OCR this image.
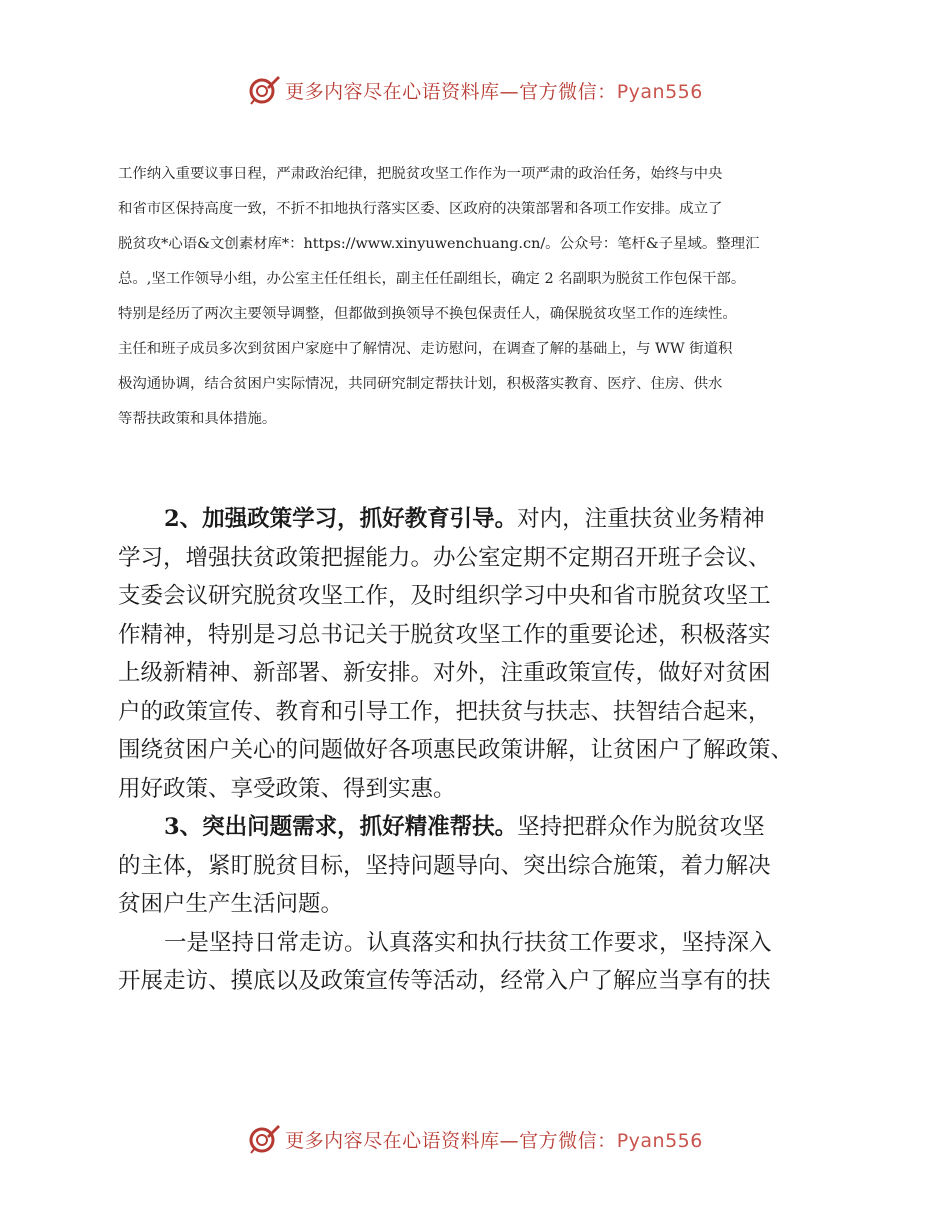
更多内容尽在心语资料库—官方微信：Pyan556
工作纳入重要议事日程，严肃政治纪律，把脱贫攻坚工作作为一项严肃的政治任务，始终与中央
和省市区保持高度一致，不折不扣地执行落实区委、区政府的决策部署和各项工作安排。成立了
脱贫攻*心语&文创素材库*：https://www.xinyuwenchuang.cn/。公众号：笔杆&子星域。整理汇
总。,坚工作领导小组，办公室主任任组长，副主任任副组长，确定 2 名副职为脱贫工作包保干部。
特别是经历了两次主要领导调整，但都做到换领导不换包保责任人，确保脱贫攻坚工作的连续性。
主任和班子成员多次到贫困户家庭中了解情况、走访慰问，在调查了解的基础上，与 WW 街道积
极沟通协调，结合贫困户实际情况，共同研究制定帮扶计划，积极落实教育、医疗、住房、供水
等帮扶政策和具体措施。
2、加强政策学习，抓好教育引导。对内，注重扶贫业务精神
学习，增强扶贫政策把握能力。办公室定期不定期召开班子会议、
支委会议研究脱贫攻坚工作，及时组织学习中央和省市脱贫攻坚工
作精神，特别是习总书记关于脱贫攻坚工作的重要论述，积极落实
上级新精神、新部署、新安排。对外，注重政策宣传，做好对贫困
户的政策宣传、教育和引导工作，把扶贫与扶志、扶智结合起来，
围绕贫困户关心的问题做好各项惠民政策讲解，让贫困户了解政策、
用好政策、享受政策、得到实惠。
3、突出问题需求，抓好精准帮扶。坚持把群众作为脱贫攻坚
的主体，紧盯脱贫目标，坚持问题导向、突出综合施策，着力解决
贫困户生产生活问题。
一是坚持日常走访。认真落实和执行扶贫工作要求，坚持深入
开展走访、摸底以及政策宣传等活动，经常入户了解应当享有的扶
更多内容尽在心语资料库—官方微信：Pyan556
